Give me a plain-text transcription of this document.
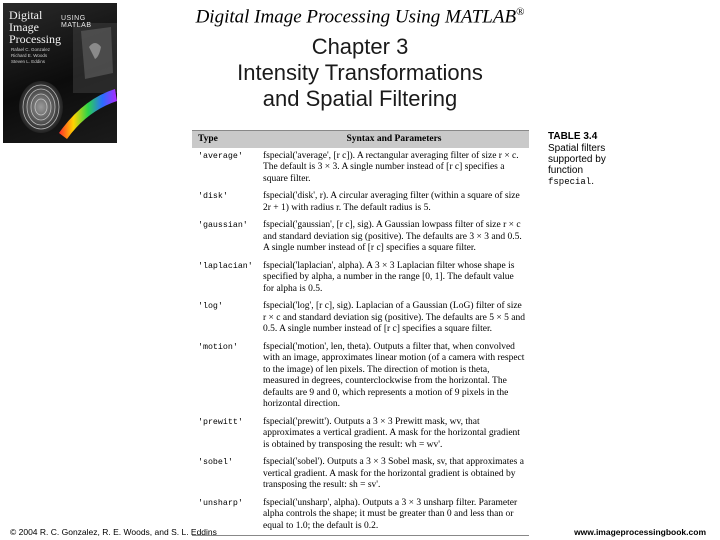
Digital
Image
Processing
USING MATLAB
Rafael C. Gonzalez
Richard E. Woods
Steven L. Eddins
Digital Image Processing Using MATLAB®
Chapter 3
Intensity Transformations
and Spatial Filtering
Type	Syntax and Parameters
'average'	fspecial('average', [r c]). A rectangular averaging filter of size r × c. The default is 3 × 3. A single number instead of [r c] specifies a square filter.
'disk'	fspecial('disk', r). A circular averaging filter (within a square of size 2r + 1) with radius r. The default radius is 5.
'gaussian'	fspecial('gaussian', [r c], sig). A Gaussian lowpass filter of size r × c and standard deviation sig (positive). The defaults are 3 × 3 and 0.5. A single number instead of [r c] specifies a square filter.
'laplacian'	fspecial('laplacian', alpha). A 3 × 3 Laplacian filter whose shape is specified by alpha, a number in the range [0, 1]. The default value for alpha is 0.5.
'log'	fspecial('log', [r c], sig). Laplacian of a Gaussian (LoG) filter of size r × c and standard deviation sig (positive). The defaults are 5 × 5 and 0.5. A single number instead of [r c] specifies a square filter.
'motion'	fspecial('motion', len, theta). Outputs a filter that, when convolved with an image, approximates linear motion (of a camera with respect to the image) of len pixels. The direction of motion is theta, measured in degrees, counterclockwise from the horizontal. The defaults are 9 and 0, which represents a motion of 9 pixels in the horizontal direction.
'prewitt'	fspecial('prewitt'). Outputs a 3 × 3 Prewitt mask, wv, that approximates a vertical gradient. A mask for the horizontal gradient is obtained by transposing the result: wh = wv'.
'sobel'	fspecial('sobel'). Outputs a 3 × 3 Sobel mask, sv, that approximates a vertical gradient. A mask for the horizontal gradient is obtained by transposing the result: sh = sv'.
'unsharp'	fspecial('unsharp', alpha). Outputs a 3 × 3 unsharp filter. Parameter alpha controls the shape; it must be greater than 0 and less than or equal to 1.0; the default is 0.2.
TABLE 3.4
Spatial filters supported by function fspecial.
© 2004 R. C. Gonzalez, R. E. Woods, and S. L. Eddins	www.imageprocessingbook.com
